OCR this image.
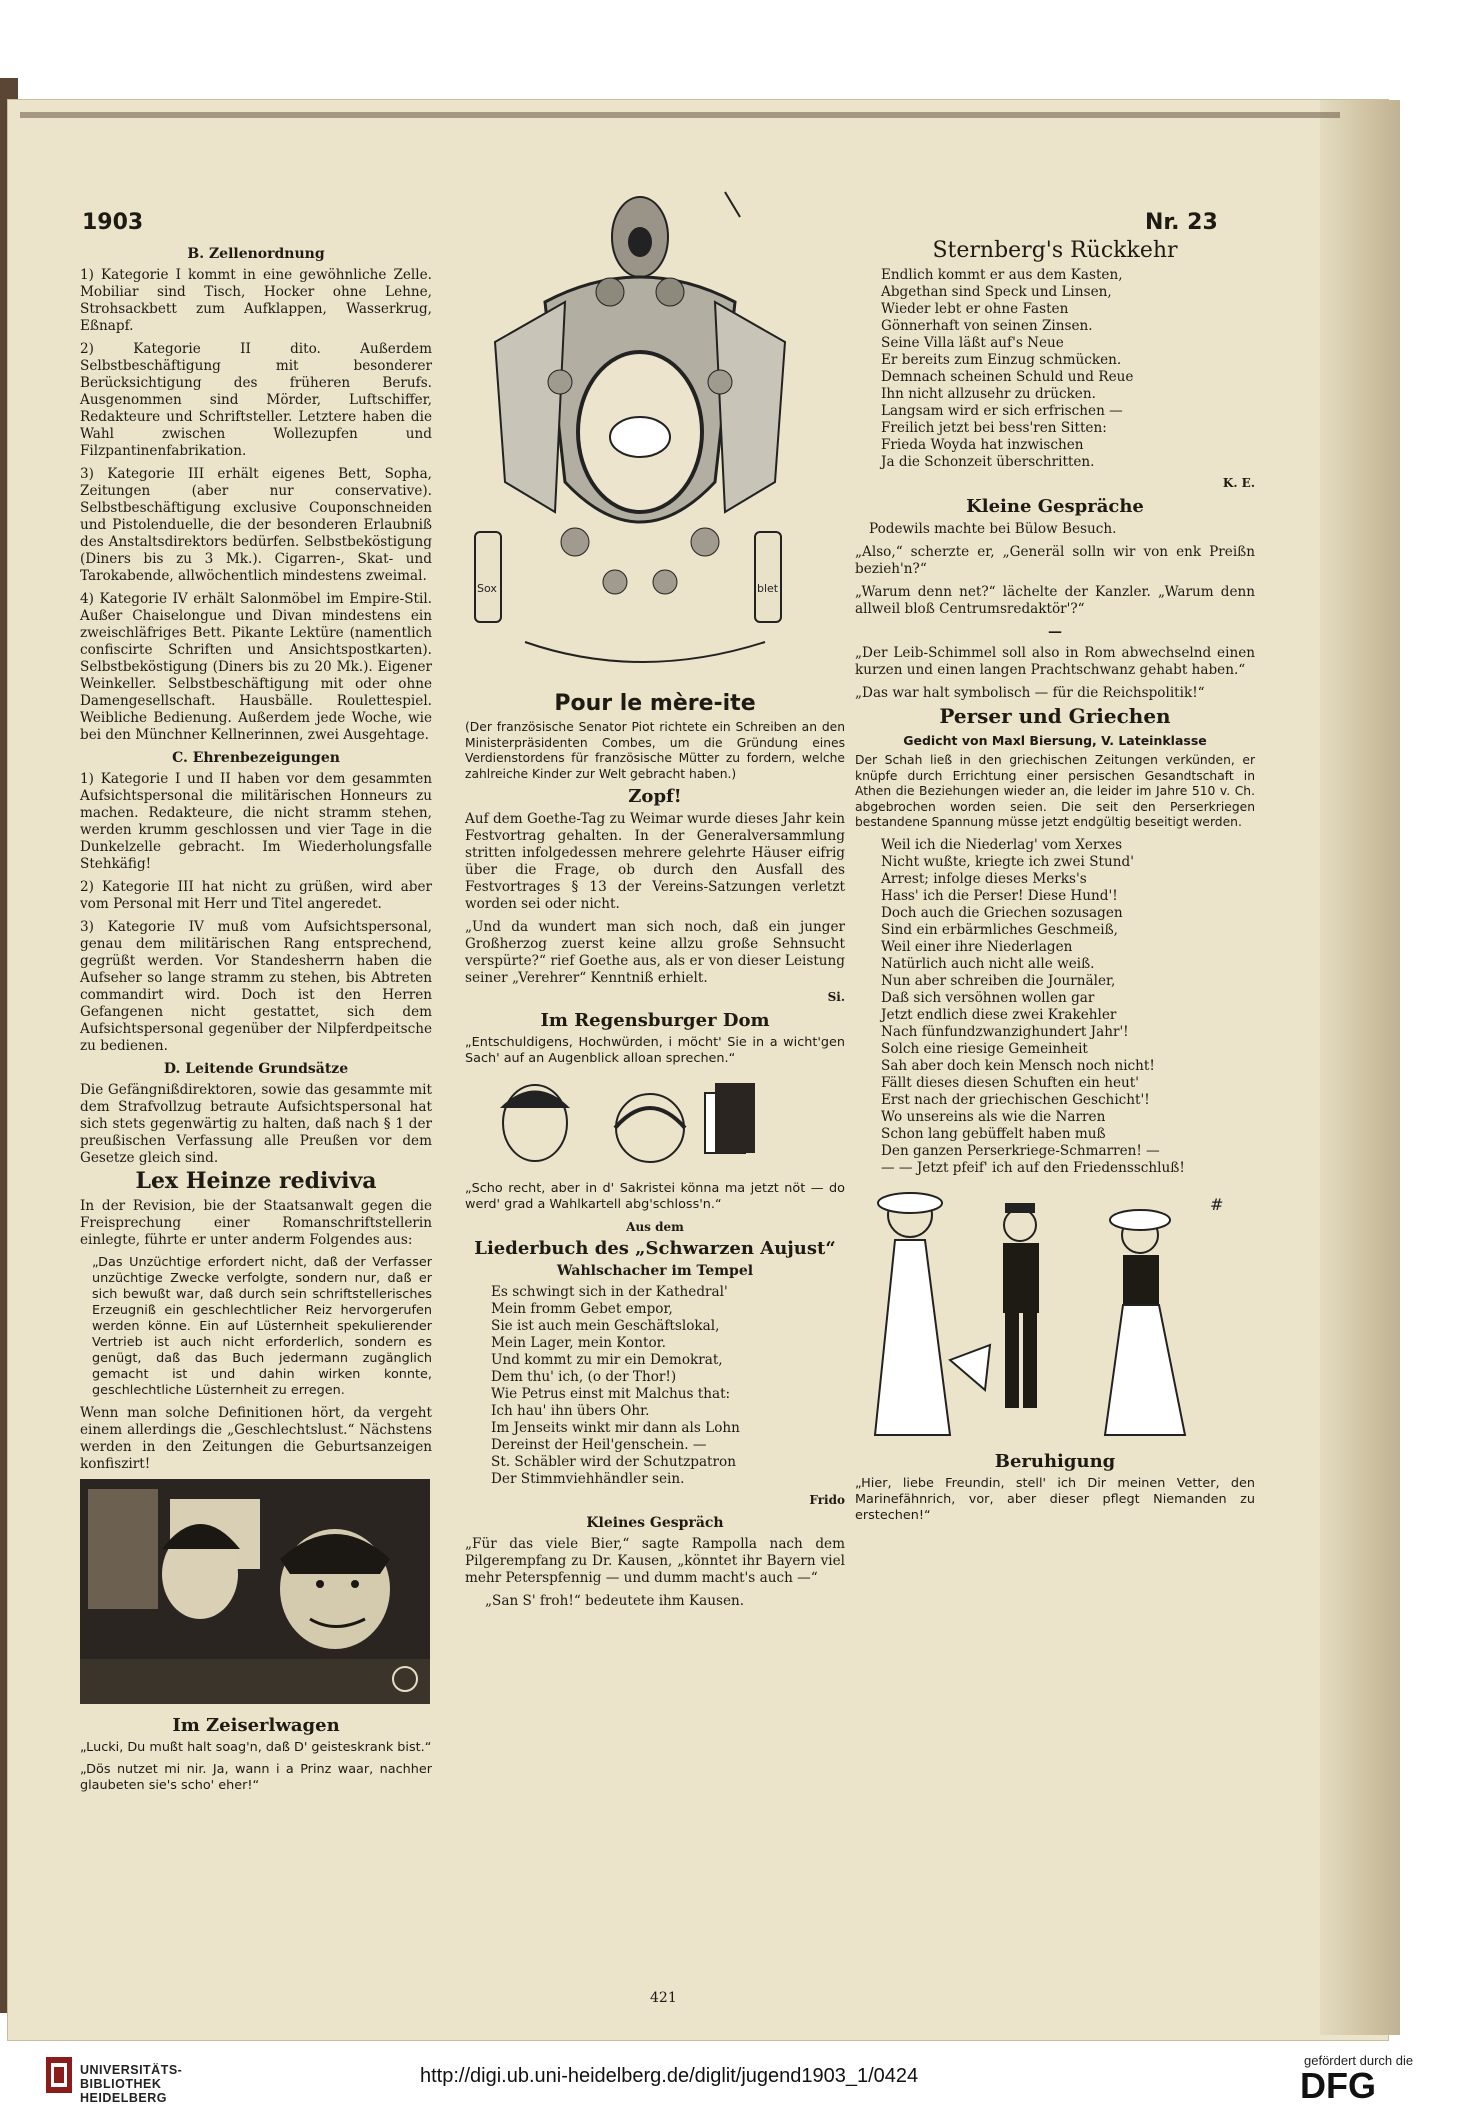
1903	Nr. 23
B. Zellenordnung

1) Kategorie I kommt in eine gewöhnliche Zelle. Mobiliar sind Tisch, Hocker ohne Lehne, Strohsackbett zum Aufklappen, Wasserkrug, Eßnapf.

2) Kategorie II dito. Außerdem Selbstbeschäftigung mit besonderer Berücksichtigung des früheren Berufs. Ausgenommen sind Mörder, Luftschiffer, Redakteure und Schriftsteller. Letztere haben die Wahl zwischen Wollezupfen und Filzpantinenfabrikation.

3) Kategorie III erhält eigenes Bett, Sopha, Zeitungen (aber nur conservative). Selbstbeschäftigung exclusive Couponschneiden und Pistolenduelle, die der besonderen Erlaubniß des Anstaltsdirektors bedürfen. Selbstbeköstigung (Diners bis zu 3 Mk.). Cigarren-, Skat- und Tarokabende, allwöchentlich mindestens zweimal.

4) Kategorie IV erhält Salonmöbel im Empire-Stil. Außer Chaiselongue und Divan mindestens ein zweischläfriges Bett. Pikante Lektüre (namentlich confiscirte Schriften und Ansichtspostkarten). Selbstbeköstigung (Diners bis zu 20 Mk.). Eigener Weinkeller. Selbstbeschäftigung mit oder ohne Damengesellschaft. Hausbälle. Roulettespiel. Weibliche Bedienung. Außerdem jede Woche, wie bei den Münchner Kellnerinnen, zwei Ausgehtage.

C. Ehrenbezeigungen

1) Kategorie I und II haben vor dem gesammten Aufsichtspersonal die militärischen Honneurs zu machen. Redakteure, die nicht stramm stehen, werden krumm geschlossen und vier Tage in die Dunkelzelle gebracht. Im Wiederholungsfalle Stehkäfig!

2) Kategorie III hat nicht zu grüßen, wird aber vom Personal mit Herr und Titel angeredet.

3) Kategorie IV muß vom Aufsichtspersonal, genau dem militärischen Rang entsprechend, gegrüßt werden. Vor Standesherrn haben die Aufseher so lange stramm zu stehen, bis Abtreten commandirt wird. Doch ist den Herren Gefangenen nicht gestattet, sich dem Aufsichtspersonal gegenüber der Nilpferdpeitsche zu bedienen.

D. Leitende Grundsätze

Die Gefängnißdirektoren, sowie das gesammte mit dem Strafvollzug betraute Aufsichtspersonal hat sich stets gegenwärtig zu halten, daß nach § 1 der preußischen Verfassung alle Preußen vor dem Gesetze gleich sind.

Lex Heinze rediviva

In der Revision, bie der Staatsanwalt gegen die Freisprechung einer Romanschriftstellerin einlegte, führte er unter anderm Folgendes aus:

„Das Unzüchtige erfordert nicht, daß der Verfasser unzüchtige Zwecke verfolgte, sondern nur, daß er sich bewußt war, daß durch sein schriftstellerisches Erzeugniß ein geschlechtlicher Reiz hervorgerufen werden könne. Ein auf Lüsternheit spekulierender Vertrieb ist auch nicht erforderlich, sondern es genügt, daß das Buch jedermann zugänglich gemacht ist und dahin wirken konnte, geschlechtliche Lüsternheit zu erregen.

Wenn man solche Definitionen hört, da vergeht einem allerdings die „Geschlechtslust.“ Nächstens werden in den Zeitungen die Geburtsanzeigen konfiszirt!

Im Zeiserlwagen

„Lucki, Du mußt halt soag'n, daß D' geisteskrank bist.“

„Dös nutzet mi nir. Ja, wann i a Prinz waar, nachher glaubeten sie's scho' eher!“

Sox	blet
Pour le mère-ite

(Der französische Senator Piot richtete ein Schreiben an den Ministerpräsidenten Combes, um die Gründung eines Verdienstordens für französische Mütter zu fordern, welche zahlreiche Kinder zur Welt gebracht haben.)

Zopf!

Auf dem Goethe-Tag zu Weimar wurde dieses Jahr kein Festvortrag gehalten. In der Generalversammlung stritten infolgedessen mehrere gelehrte Häuser eifrig über die Frage, ob durch den Ausfall des Festvortrages § 13 der Vereins-Satzungen verletzt worden sei oder nicht.

„Und da wundert man sich noch, daß ein junger Großherzog zuerst keine allzu große Sehnsucht verspürte?“ rief Goethe aus, als er von dieser Leistung seiner „Verehrer“ Kenntniß erhielt.

Si.
Im Regensburger Dom

„Entschuldigens, Hochwürden, i möcht' Sie in a wicht'gen Sach' auf an Augenblick alloan sprechen.“

„Scho recht, aber in d' Sakristei könna ma jetzt nöt — do werd' grad a Wahlkartell abg'schloss'n.“

Aus dem
Liederbuch des „Schwarzen Aujust“
Wahlschacher im Tempel
Es schwingt sich in der Kathedral'
Mein fromm Gebet empor,
Sie ist auch mein Geschäftslokal,
Mein Lager, mein Kontor.
Und kommt zu mir ein Demokrat,
Dem thu' ich, (o der Thor!)
Wie Petrus einst mit Malchus that:
Ich hau' ihn übers Ohr.
Im Jenseits winkt mir dann als Lohn
Dereinst der Heil'genschein. —
St. Schäbler wird der Schutzpatron
Der Stimmviehhändler sein.
Frido
Kleines Gespräch

„Für das viele Bier,“ sagte Rampolla nach dem Pilgerempfang zu Dr. Kausen, „könntet ihr Bayern viel mehr Peterspfennig — und dumm macht's auch —“

„San S' froh!“ bedeutete ihm Kausen.

Sternberg's Rückkehr
Endlich kommt er aus dem Kasten,
Abgethan sind Speck und Linsen,
Wieder lebt er ohne Fasten
Gönnerhaft von seinen Zinsen.
Seine Villa läßt auf's Neue
Er bereits zum Einzug schmücken.
Demnach scheinen Schuld und Reue
Ihn nicht allzusehr zu drücken.
Langsam wird er sich erfrischen —
Freilich jetzt bei bess'ren Sitten:
Frieda Woyda hat inzwischen
Ja die Schonzeit überschritten.
K. E.
Kleine Gespräche

Podewils machte bei Bülow Besuch.

„Also,“ scherzte er, „Generäl solln wir von enk Preißn bezieh'n?“

„Warum denn net?“ lächelte der Kanzler. „Warum denn allweil bloß Centrumsredaktör'?“

—

„Der Leib-Schimmel soll also in Rom abwechselnd einen kurzen und einen langen Prachtschwanz gehabt haben.“

„Das war halt symbolisch — für die Reichspolitik!“

Perser und Griechen
Gedicht von Maxl Biersung, V. Lateinklasse

Der Schah ließ in den griechischen Zeitungen verkünden, er knüpfe durch Errichtung einer persischen Gesandtschaft in Athen die Beziehungen wieder an, die leider im Jahre 510 v. Ch. abgebrochen worden seien. Die seit den Perserkriegen bestandene Spannung müsse jetzt endgültig beseitigt werden.

Weil ich die Niederlag' vom Xerxes
Nicht wußte, kriegte ich zwei Stund'
Arrest; infolge dieses Merks's
Hass' ich die Perser! Diese Hund'!
Doch auch die Griechen sozusagen
Sind ein erbärmliches Geschmeiß,
Weil einer ihre Niederlagen
Natürlich auch nicht alle weiß.
Nun aber schreiben die Journäler,
Daß sich versöhnen wollen gar
Jetzt endlich diese zwei Krakehler
Nach fünfundzwanzighundert Jahr'!
Solch eine riesige Gemeinheit
Sah aber doch kein Mensch noch nicht!
Fällt dieses diesen Schuften ein heut'
Erst nach der griechischen Geschicht'!
Wo unsereins als wie die Narren
Schon lang gebüffelt haben muß
Den ganzen Perserkriege-Schmarren! —
— — Jetzt pfeif' ich auf den Friedensschluß!
#
Beruhigung

„Hier, liebe Freundin, stell' ich Dir meinen Vetter, den Marinefähnrich, vor, aber dieser pflegt Niemanden zu erstechen!“

421
UNIVERSITÄTS-
BIBLIOTHEK
HEIDELBERG
http://digi.ub.uni-heidelberg.de/diglit/jugend1903_1/0424
gefördert durch die
DFG
